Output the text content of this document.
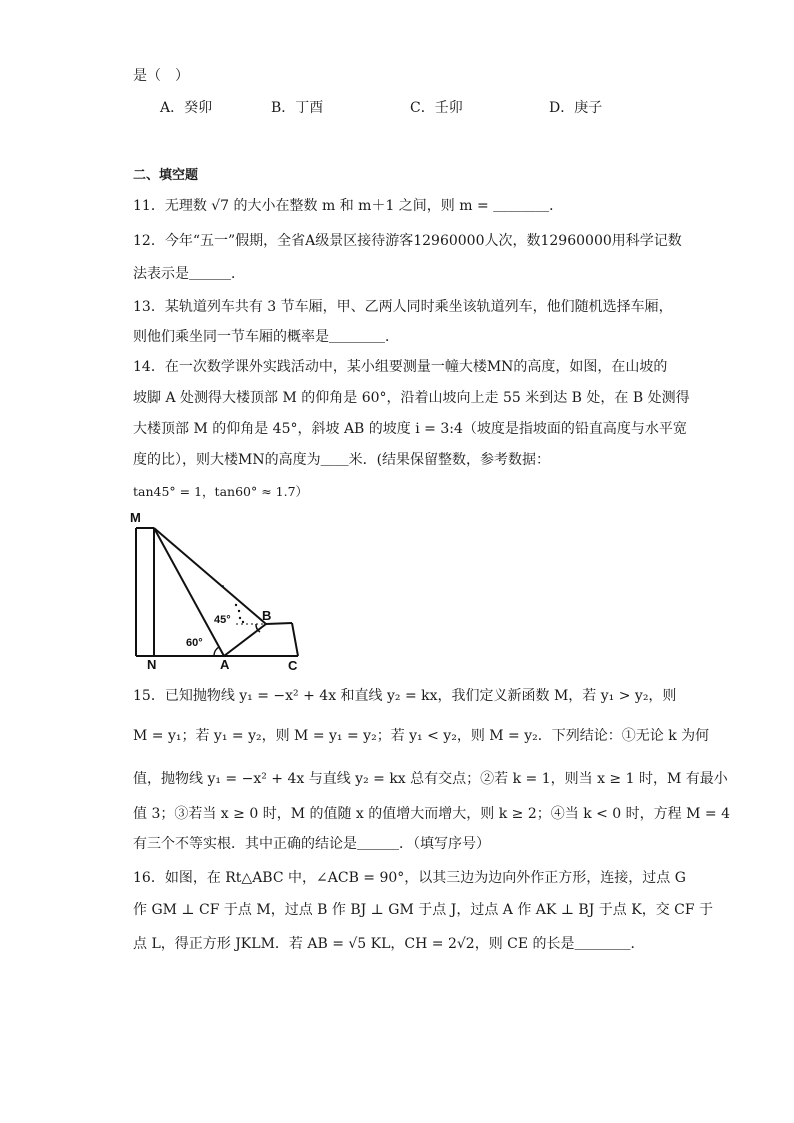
是（　）
A．癸卯	B．丁酉	C．壬卯	D．庚子
二、填空题
11．无理数 √7 的大小在整数 m 和 m＋1 之间，则 m = ＿＿＿＿．
12．今年“五一”假期，全省A级景区接待游客12960000人次，数12960000用科学记数
法表示是＿＿＿．
13．某轨道列车共有 3 节车厢，甲、乙两人同时乘坐该轨道列车，他们随机选择车厢，
则他们乘坐同一节车厢的概率是＿＿＿＿．
14．在一次数学课外实践活动中，某小组要测量一幢大楼MN的高度，如图，在山坡的
坡脚 A 处测得大楼顶部 M 的仰角是 60°，沿着山坡向上走 55 米到达 B 处，在 B 处测得
大楼顶部 M 的仰角是 45°，斜坡 AB 的坡度 i = 3:4（坡度是指坡面的铅直高度与水平宽
度的比），则大楼MN的高度为＿＿米．(结果保留整数，参考数据：
tan45° = 1，tan60° ≈ 1.7）
M
N	A
B
C
45°
60°
15．已知抛物线 y₁ = −x² + 4x 和直线 y₂ = kx，我们定义新函数 M，若 y₁ > y₂，则
M = y₁；若 y₁ = y₂，则 M = y₁ = y₂；若 y₁ < y₂，则 M = y₂．下列结论：①无论 k 为何
值，抛物线 y₁ = −x² + 4x 与直线 y₂ = kx 总有交点；②若 k = 1，则当 x ≥ 1 时，M 有最小
值 3；③若当 x ≥ 0 时，M 的值随 x 的值增大而增大，则 k ≥ 2；④当 k < 0 时，方程 M = 4
有三个不等实根．其中正确的结论是＿＿＿．（填写序号）
16．如图，在 Rt△ABC 中，∠ACB = 90°，以其三边为边向外作正方形，连接，过点 G
作 GM ⊥ CF 于点 M，过点 B 作 BJ ⊥ GM 于点 J，过点 A 作 AK ⊥ BJ 于点 K，交 CF 于
点 L，得正方形 JKLM．若 AB = √5 KL，CH = 2√2，则 CE 的长是＿＿＿＿．
